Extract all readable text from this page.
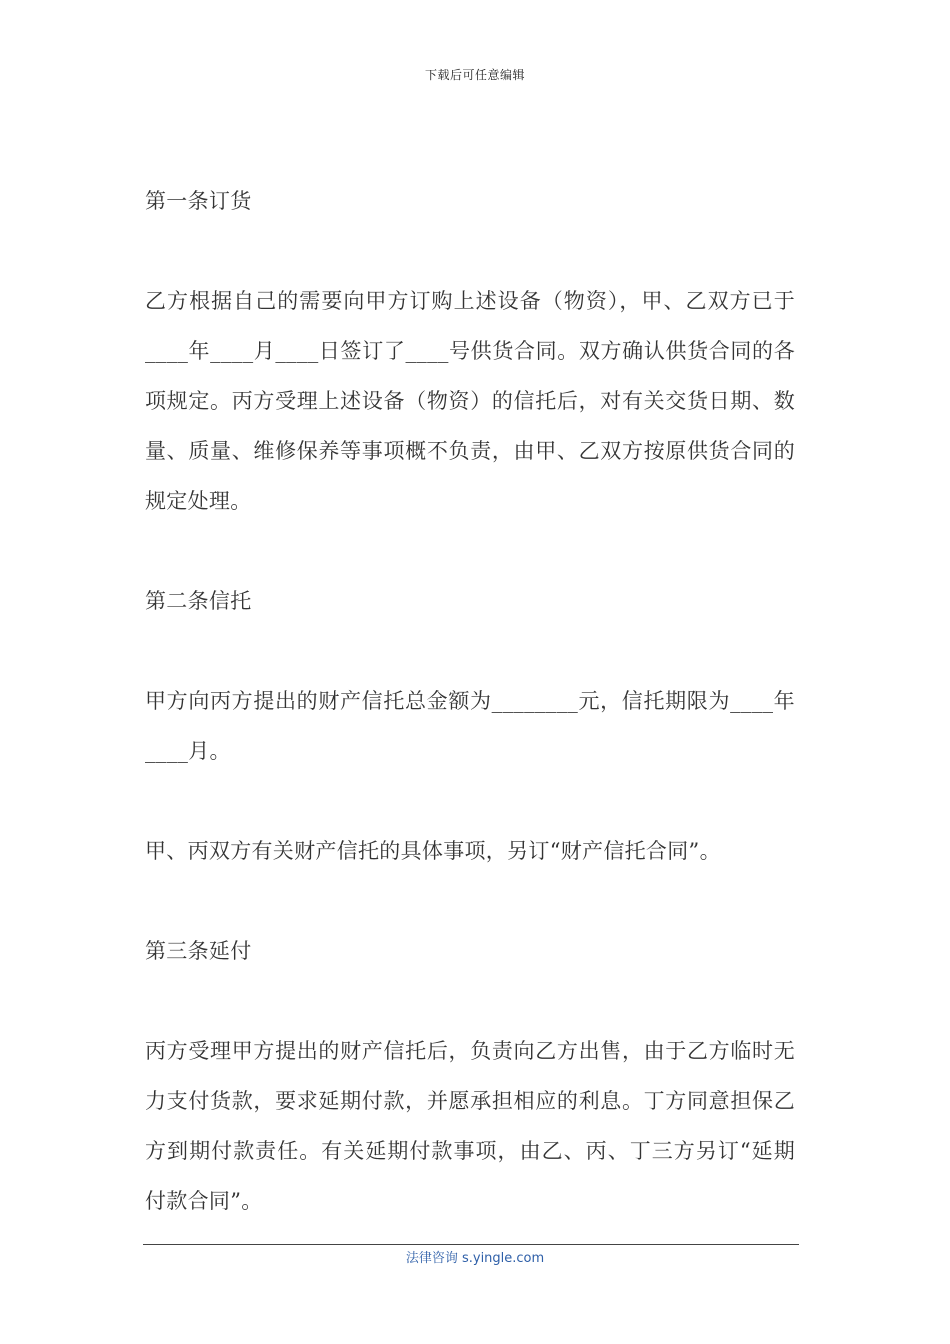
下载后可任意编辑

第一条订货

乙方根据自己的需要向甲方订购上述设备（物资），甲、乙双方已于____年____月____日签订了____号供货合同。双方确认供货合同的各项规定。丙方受理上述设备（物资）的信托后，对有关交货日期、数量、质量、维修保养等事项概不负责，由甲、乙双方按原供货合同的规定处理。

第二条信托

甲方向丙方提出的财产信托总金额为________元，信托期限为____年____月。

甲、丙双方有关财产信托的具体事项，另订“财产信托合同”。

第三条延付

丙方受理甲方提出的财产信托后，负责向乙方出售，由于乙方临时无力支付货款，要求延期付款，并愿承担相应的利息。丁方同意担保乙方到期付款责任。有关延期付款事项，由乙、丙、丁三方另订“延期付款合同”。

法律咨询 s.yingle.com
